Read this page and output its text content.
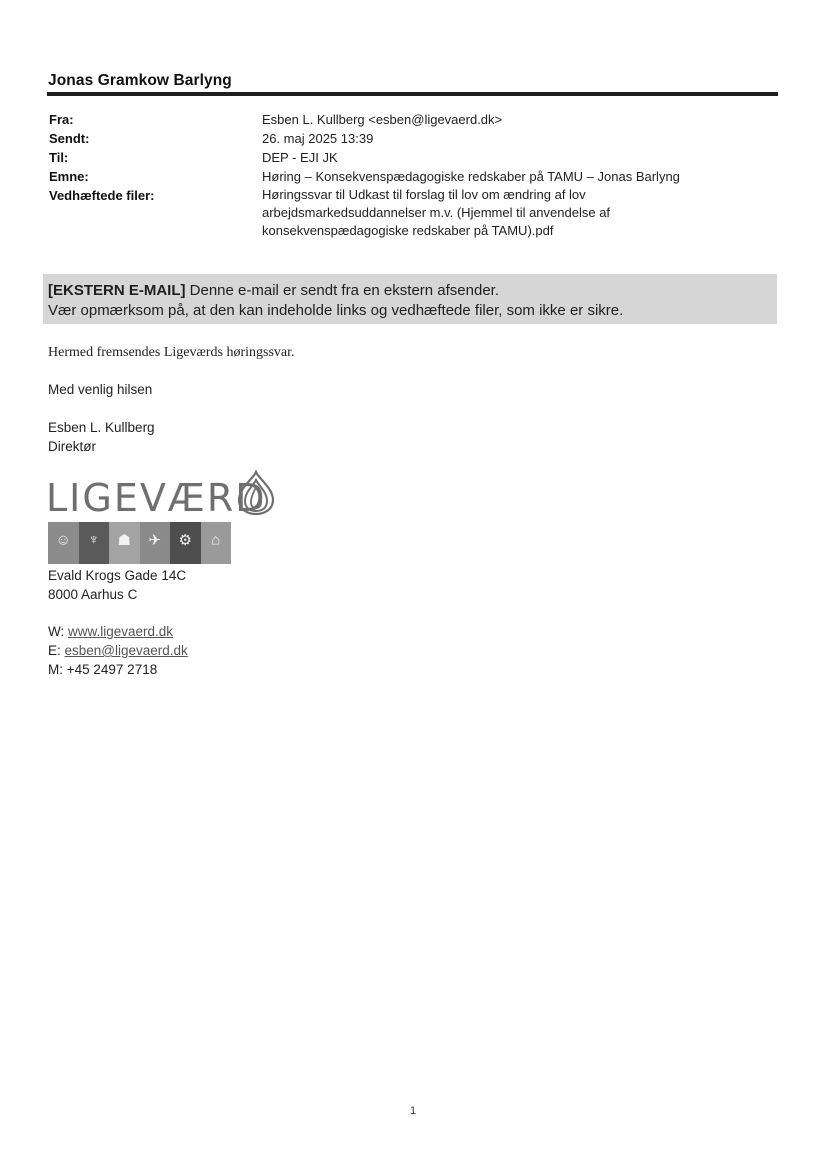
Jonas Gramkow Barlyng
Fra:	Esben L. Kullberg <esben@ligevaerd.dk>
Sendt:	26. maj 2025 13:39
Til:	DEP - EJI JK
Emne:	Høring – Konsekvenspædagogiske redskaber på TAMU – Jonas Barlyng
Vedhæftede filer:	Høringssvar til Udkast til forslag til lov om ændring af lov
arbejdsmarkedsuddannelser m.v. (Hjemmel til anvendelse af
konsekvenspædagogiske redskaber på TAMU).pdf
[EKSTERN E-MAIL] Denne e-mail er sendt fra en ekstern afsender.
Vær opmærksom på, at den kan indeholde links og vedhæftede filer, som ikke er sikre.
Hermed fremsendes Ligeværds høringssvar.
Med venlig hilsen
Esben L. Kullberg
Direktør
LIGEVÆRD
☺ ♆ ☗ ✈ ⚙ ⌂
Evald Krogs Gade 14C
8000 Aarhus C
W: www.ligevaerd.dk
E: esben@ligevaerd.dk
M: +45 2497 2718
1
